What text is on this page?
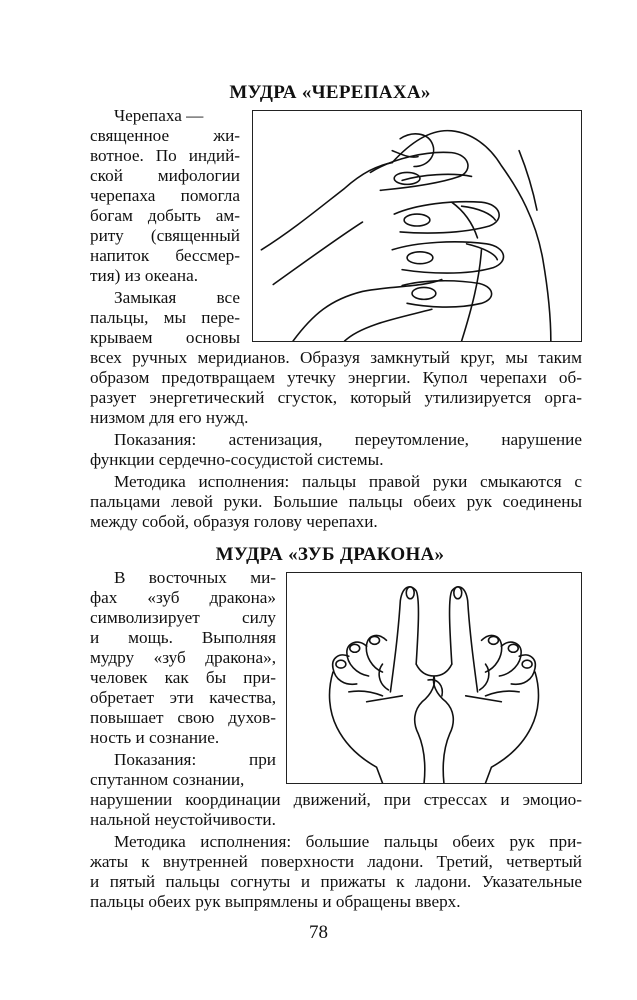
МУДРА «ЧЕРЕПАХА»
Черепаха —
священное жи-
вотное. По индий-
ской мифологии
черепаха помогла
богам добыть ам-
риту (священный
напиток бессмер-
тия) из океана.
Замыкая все
пальцы, мы пере-
крываем основы
всех ручных меридианов. Образуя замкнутый круг, мы таким
образом предотвращаем утечку энергии. Купол черепахи об-
разует энергетический сгусток, который утилизируется орга-
низмом для его нужд.
Показания: астенизация, переутомление, нарушение
функции сердечно-сосудистой системы.
Методика исполнения: пальцы правой руки смыкаются с
пальцами левой руки. Большие пальцы обеих рук соединены
между собой, образуя голову черепахи.
МУДРА «ЗУБ ДРАКОНА»
В восточных ми-
фах «зуб дракона»
символизирует силу
и мощь. Выполняя
мудру «зуб дракона»,
человек как бы при-
обретает эти качества,
повышает свою духов-
ность и сознание.
Показания: при
спутанном сознании,
нарушении координации движений, при стрессах и эмоцио-
нальной неустойчивости.
Методика исполнения: большие пальцы обеих рук при-
жаты к внутренней поверхности ладони. Третий, четвертый
и пятый пальцы согнуты и прижаты к ладони. Указательные
пальцы обеих рук выпрямлены и обращены вверх.
78
